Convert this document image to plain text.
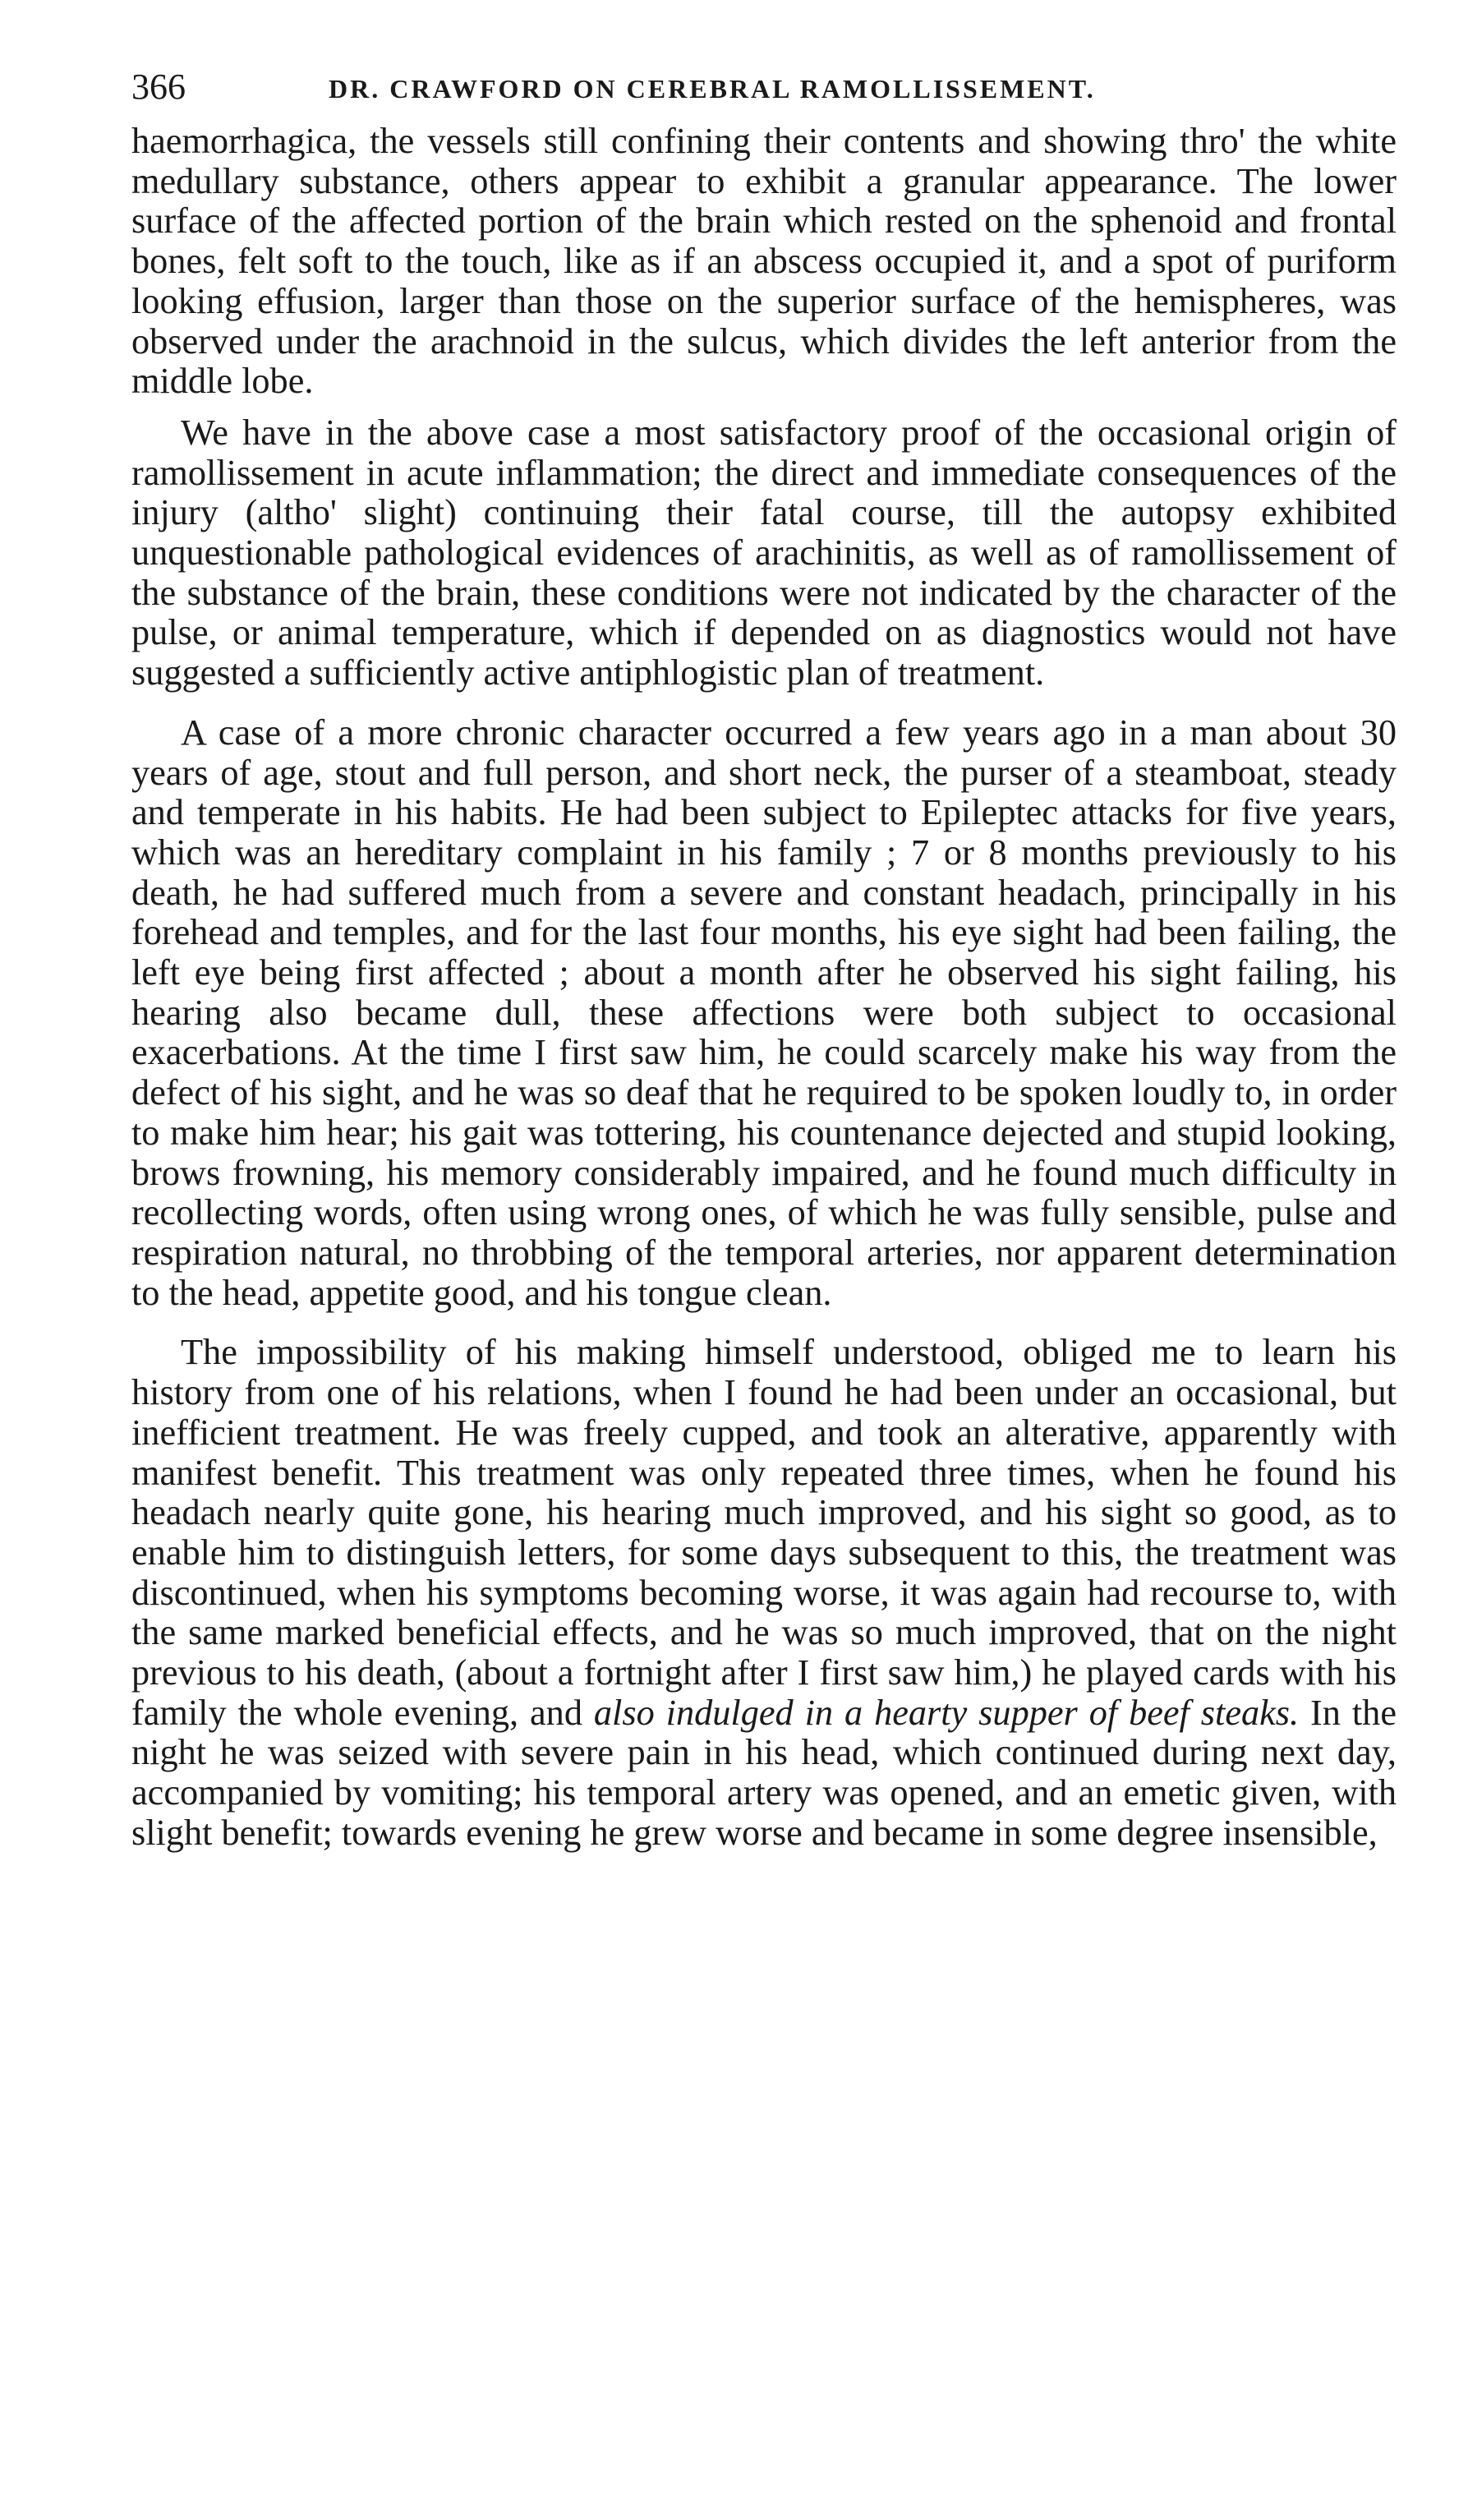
366	DR. CRAWFORD ON CEREBRAL RAMOLLISSEMENT.

haemorrhagica, the vessels still confining their contents and showing thro' the white medullary substance, others appear to exhibit a granular appearance. The lower surface of the affected portion of the brain which rested on the sphenoid and frontal bones, felt soft to the touch, like as if an abscess occupied it, and a spot of puriform looking effusion, larger than those on the superior surface of the hemispheres, was observed under the arachnoid in the sulcus, which divides the left anterior from the middle lobe.

We have in the above case a most satisfactory proof of the occasional origin of ramollissement in acute inflammation; the direct and immediate consequences of the injury (altho' slight) continuing their fatal course, till the autopsy exhibited unquestionable pathological evidences of arachinitis, as well as of ramollissement of the substance of the brain, these conditions were not indicated by the character of the pulse, or animal temperature, which if depended on as diagnostics would not have suggested a sufficiently active antiphlogistic plan of treatment.

A case of a more chronic character occurred a few years ago in a man about 30 years of age, stout and full person, and short neck, the purser of a steamboat, steady and temperate in his habits. He had been subject to Epileptec attacks for five years, which was an hereditary complaint in his family ; 7 or 8 months previously to his death, he had suffered much from a severe and constant headach, principally in his forehead and temples, and for the last four months, his eye sight had been failing, the left eye being first affected ; about a month after he observed his sight failing, his hearing also became dull, these affections were both subject to occasional exacerbations. At the time I first saw him, he could scarcely make his way from the defect of his sight, and he was so deaf that he required to be spoken loudly to, in order to make him hear; his gait was tottering, his countenance dejected and stupid looking, brows frowning, his memory considerably impaired, and he found much difficulty in recollecting words, often using wrong ones, of which he was fully sensible, pulse and respiration natural, no throbbing of the temporal arteries, nor apparent determination to the head, appetite good, and his tongue clean.

The impossibility of his making himself understood, obliged me to learn his history from one of his relations, when I found he had been under an occasional, but inefficient treatment. He was freely cupped, and took an alterative, apparently with manifest benefit. This treatment was only repeated three times, when he found his headach nearly quite gone, his hearing much improved, and his sight so good, as to enable him to distinguish letters, for some days subsequent to this, the treatment was discontinued, when his symptoms becoming worse, it was again had recourse to, with the same marked beneficial effects, and he was so much improved, that on the night previous to his death, (about a fortnight after I first saw him,) he played cards with his family the whole evening, and also indulged in a hearty supper of beef steaks. In the night he was seized with severe pain in his head, which continued during next day, accompanied by vomiting; his temporal artery was opened, and an emetic given, with slight benefit; towards evening he grew worse and became in some degree insensible,
